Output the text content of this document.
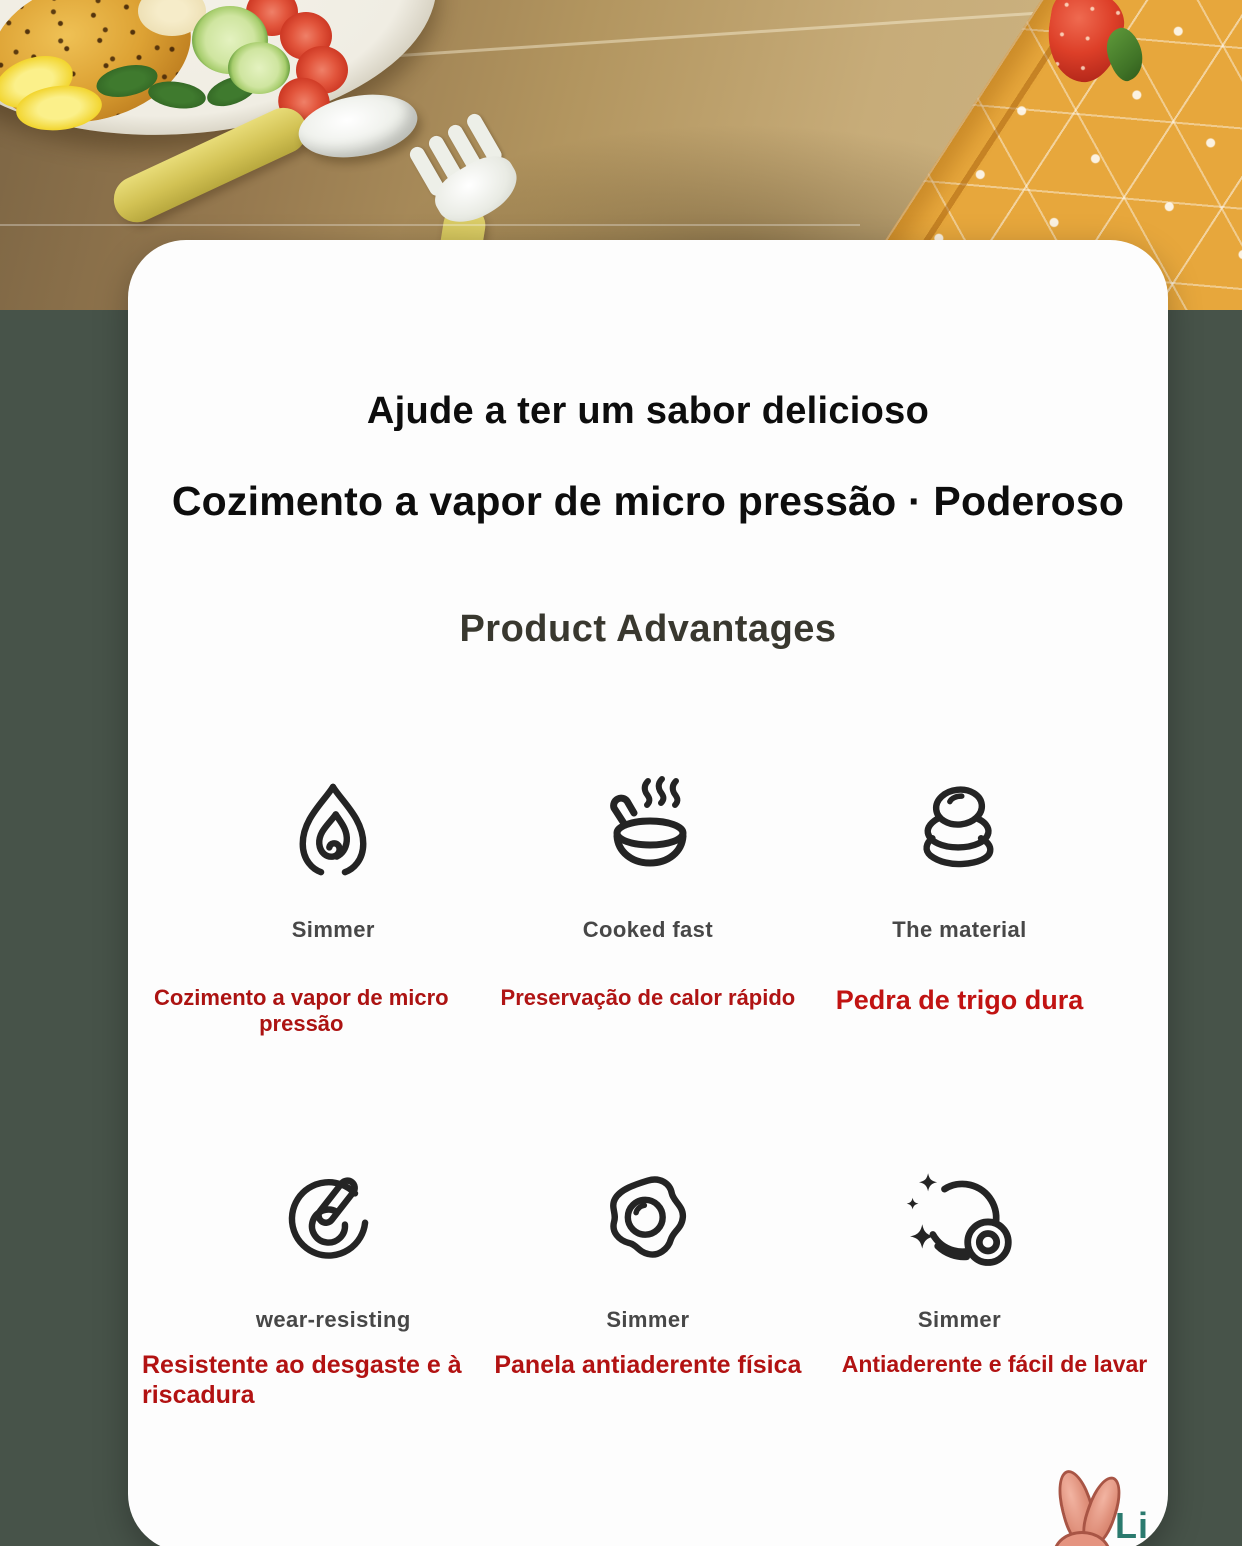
Ajude a ter um sabor delicioso
Cozimento a vapor de micro pressão · Poderoso
Product Advantages
Simmer
Cozimento a vapor de micro pressão
Cooked fast
Preservação de calor rápido
The material
Pedra de trigo dura
wear-resisting
Resistente ao desgaste e à riscadura
Simmer
Panela antiaderente física
Simmer
Antiaderente e fácil de lavar
Li
